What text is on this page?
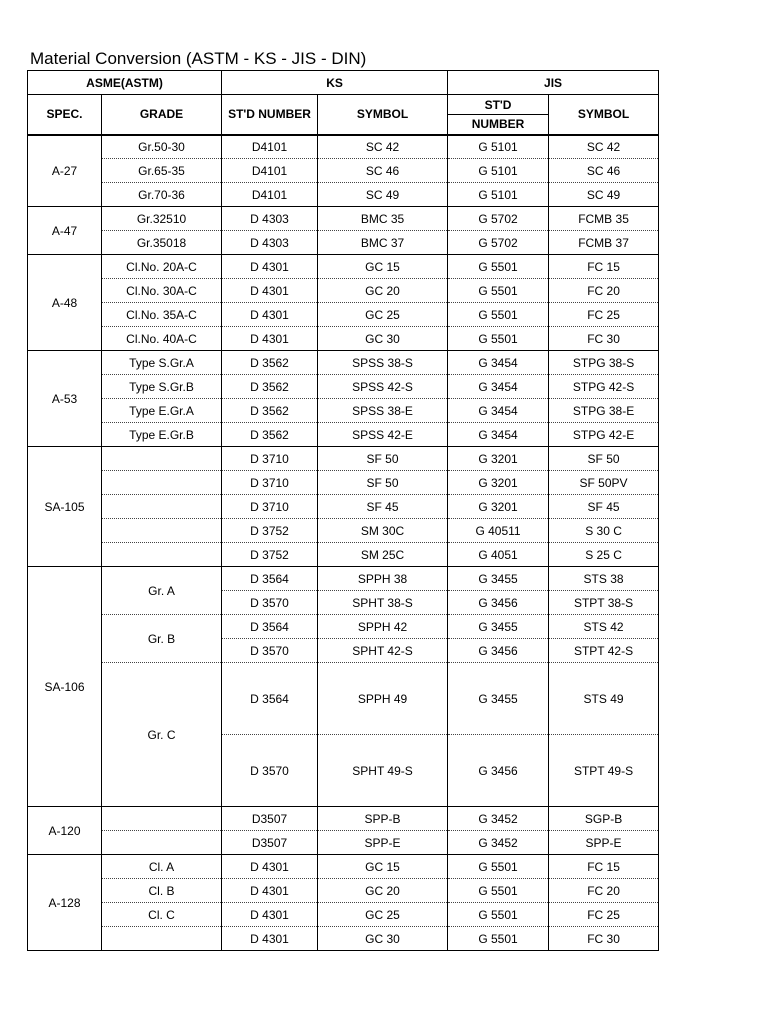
Material Conversion (ASTM - KS - JIS - DIN)
ASME(ASTM)		KS		JIS	
SPEC.	GRADE	ST'D NUMBER	SYMBOL	ST'D	SYMBOL
				NUMBER	
A-27	Gr.50-30	D4101	SC 42	G 5101	SC 42
	Gr.65-35	D4101	SC 46	G 5101	SC 46
	Gr.70-36	D4101	SC 49	G 5101	SC 49
A-47	Gr.32510	D 4303	BMC 35	G 5702	FCMB 35
	Gr.35018	D 4303	BMC 37	G 5702	FCMB 37
A-48	Cl.No. 20A-C	D 4301	GC 15	G 5501	FC 15
	Cl.No. 30A-C	D 4301	GC 20	G 5501	FC 20
	Cl.No. 35A-C	D 4301	GC 25	G 5501	FC 25
	Cl.No. 40A-C	D 4301	GC 30	G 5501	FC 30
A-53	Type S.Gr.A	D 3562	SPSS 38-S	G 3454	STPG 38-S
	Type S.Gr.B	D 3562	SPSS 42-S	G 3454	STPG 42-S
	Type E.Gr.A	D 3562	SPSS 38-E	G 3454	STPG 38-E
	Type E.Gr.B	D 3562	SPSS 42-E	G 3454	STPG 42-E
SA-105		D 3710	SF 50	G 3201	SF 50
		D 3710	SF 50	G 3201	SF 50PV
		D 3710	SF 45	G 3201	SF 45
		D 3752	SM 30C	G 40511	S 30 C
		D 3752	SM 25C	G 4051	S 25 C
SA-106	Gr. A	D 3564	SPPH 38	G 3455	STS 38
		D 3570	SPHT 38-S	G 3456	STPT 38-S
	Gr. B	D 3564	SPPH 42	G 3455	STS 42
		D 3570	SPHT 42-S	G 3456	STPT 42-S
	Gr. C	D 3564	SPPH 49	G 3455	STS 49
		D 3570	SPHT 49-S	G 3456	STPT 49-S
A-120		D3507	SPP-B	G 3452	SGP-B
		D3507	SPP-E	G 3452	SPP-E
A-128	Cl. A	D 4301	GC 15	G 5501	FC 15
	Cl. B	D 4301	GC 20	G 5501	FC 20
	Cl. C	D 4301	GC 25	G 5501	FC 25
		D 4301	GC 30	G 5501	FC 30
